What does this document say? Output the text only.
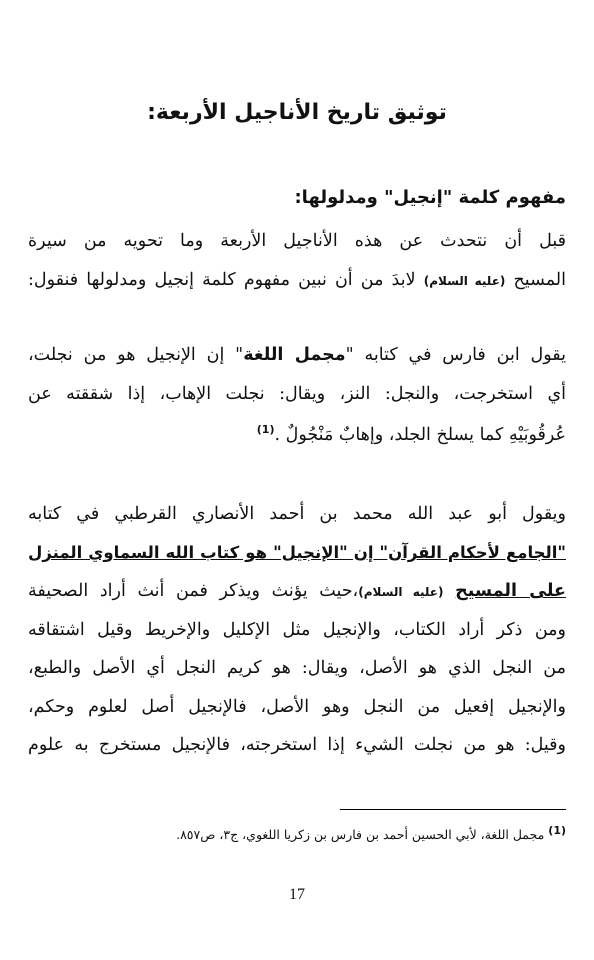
توثيق تاريخ الأناجيل الأربعة:
مفهوم كلمة "إنجيل" ومدلولها:
قبل أن نتحدث عن هذه الأناجيل الأربعة وما تحويه من سيرة
المسيح (عليه السلام) لابدَ من أن نبين مفهوم كلمة إنجيل ومدلولها فنقول:
يقول ابن فارس في كتابه "مجمل اللغة" إن الإنجيل هو من نجلت،
أي استخرجت، والنجل: النز، ويقال: نجلت الإهاب، إذا شققته عن
عُرقُوبَيْهِ كما يسلخ الجلد، وإهابٌ مَنْجُولٌ .$^{(1)}$
ويقول أبو عبد الله محمد بن أحمد الأنصاري القرطبي في كتابه
"الجامع لأحكام القرآن" إن "الإنجيل" هو كتاب الله السماوي المنزل
على المسيح (عليه السلام)،حيث يؤنث ويذكر فمن أنث أراد الصحيفة
ومن ذكر أراد الكتاب، والإنجيل مثل الإكليل والإخريط وقيل اشتقاقه
من النجل الذي هو الأصل، ويقال: هو كريم النجل أي الأصل والطبع،
والإنجيل إفعيل من النجل وهو الأصل، فالإنجيل أصل لعلوم وحكم،
وقيل: هو من نجلت الشيء إذا استخرجته، فالإنجيل مستخرج به علوم
(1) مجمل اللغة، لأبي الحسين أحمد بن فارس بن زكريا اللغوي، ج٣، ص٨٥٧.
17
